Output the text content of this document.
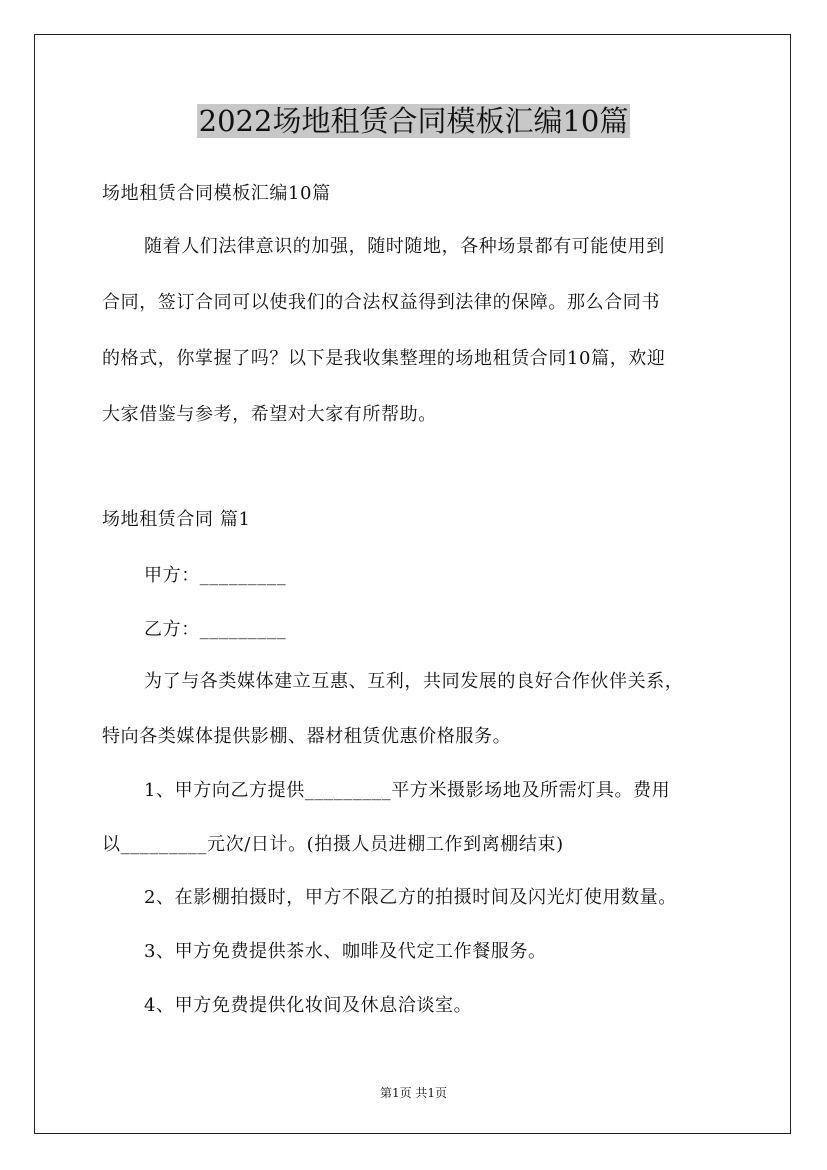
2022场地租赁合同模板汇编10篇
场地租赁合同模板汇编10篇
随着人们法律意识的加强，随时随地，各种场景都有可能使用到
合同，签订合同可以使我们的合法权益得到法律的保障。那么合同书
的格式，你掌握了吗？以下是我收集整理的场地租赁合同10篇，欢迎
大家借鉴与参考，希望对大家有所帮助。
场地租赁合同 篇1
甲方：_________
乙方：_________
为了与各类媒体建立互惠、互利，共同发展的良好合作伙伴关系，
特向各类媒体提供影棚、器材租赁优惠价格服务。
1、甲方向乙方提供_________平方米摄影场地及所需灯具。费用
以_________元次/日计。(拍摄人员进棚工作到离棚结束)
2、在影棚拍摄时，甲方不限乙方的拍摄时间及闪光灯使用数量。
3、甲方免费提供茶水、咖啡及代定工作餐服务。
4、甲方免费提供化妆间及休息洽谈室。
第1页 共1页
